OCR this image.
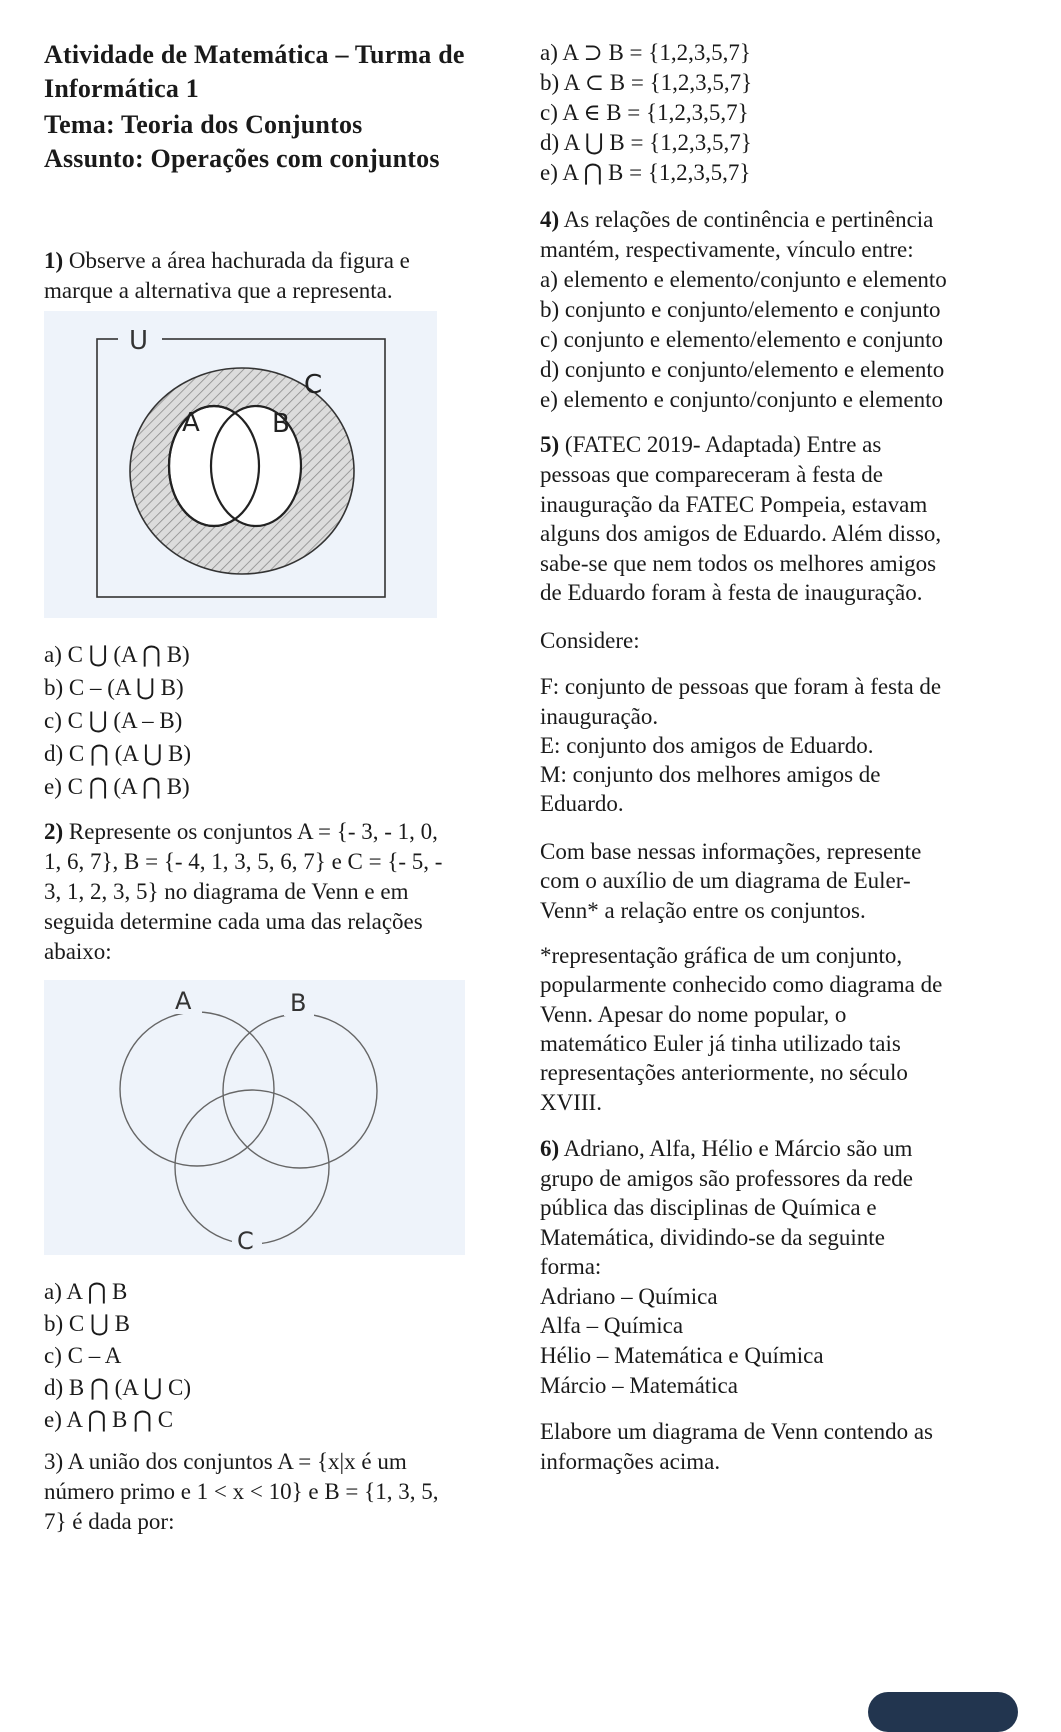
Atividade de Matemática – Turma de
Informática 1
Tema: Teoria dos Conjuntos
Assunto: Operações com conjuntos
1) Observe a área hachurada da figura e
marque a alternativa que a representa.
U
A	B
C
a) C ⋃ (A ⋂ B)
b) C – (A ⋃ B)
c) C ⋃ (A – B)
d) C ⋂ (A ⋃ B)
e) C ⋂ (A ⋂ B)
2) Represente os conjuntos A = {- 3, - 1, 0,
1, 6, 7}, B = {- 4, 1, 3, 5, 6, 7} e C = {- 5, -
3, 1, 2, 3, 5} no diagrama de Venn e em
seguida determine cada uma das relações
abaixo:
A	B
C
a) A ⋂ B
b) C ⋃ B
c) C – A
d) B ⋂ (A ⋃ C)
e) A ⋂ B ⋂ C
3) A união dos conjuntos A = {x|x é um
número primo e 1 < x < 10} e B = {1, 3, 5,
7} é dada por:
a) A ⊃ B = {1,2,3,5,7}
b) A ⊂ B = {1,2,3,5,7}
c) A ∈ B = {1,2,3,5,7}
d) A ⋃ B = {1,2,3,5,7}
e) A ⋂ B = {1,2,3,5,7}
4) As relações de continência e pertinência
mantém, respectivamente, vínculo entre:
a) elemento e elemento/conjunto e elemento
b) conjunto e conjunto/elemento e conjunto
c) conjunto e elemento/elemento e conjunto
d) conjunto e conjunto/elemento e elemento
e) elemento e conjunto/conjunto e elemento
5) (FATEC 2019- Adaptada) Entre as
pessoas que compareceram à festa de
inauguração da FATEC Pompeia, estavam
alguns dos amigos de Eduardo. Além disso,
sabe-se que nem todos os melhores amigos
de Eduardo foram à festa de inauguração.
Considere:
F: conjunto de pessoas que foram à festa de
inauguração.
E: conjunto dos amigos de Eduardo.
M: conjunto dos melhores amigos de
Eduardo.
Com base nessas informações, represente
com o auxílio de um diagrama de Euler-
Venn* a relação entre os conjuntos.
*representação gráfica de um conjunto,
popularmente conhecido como diagrama de
Venn. Apesar do nome popular, o
matemático Euler já tinha utilizado tais
representações anteriormente, no século
XVIII.
6) Adriano, Alfa, Hélio e Márcio são um
grupo de amigos são professores da rede
pública das disciplinas de Química e
Matemática, dividindo-se da seguinte
forma:
Adriano – Química
Alfa – Química
Hélio – Matemática e Química
Márcio – Matemática
Elabore um diagrama de Venn contendo as
informações acima.
